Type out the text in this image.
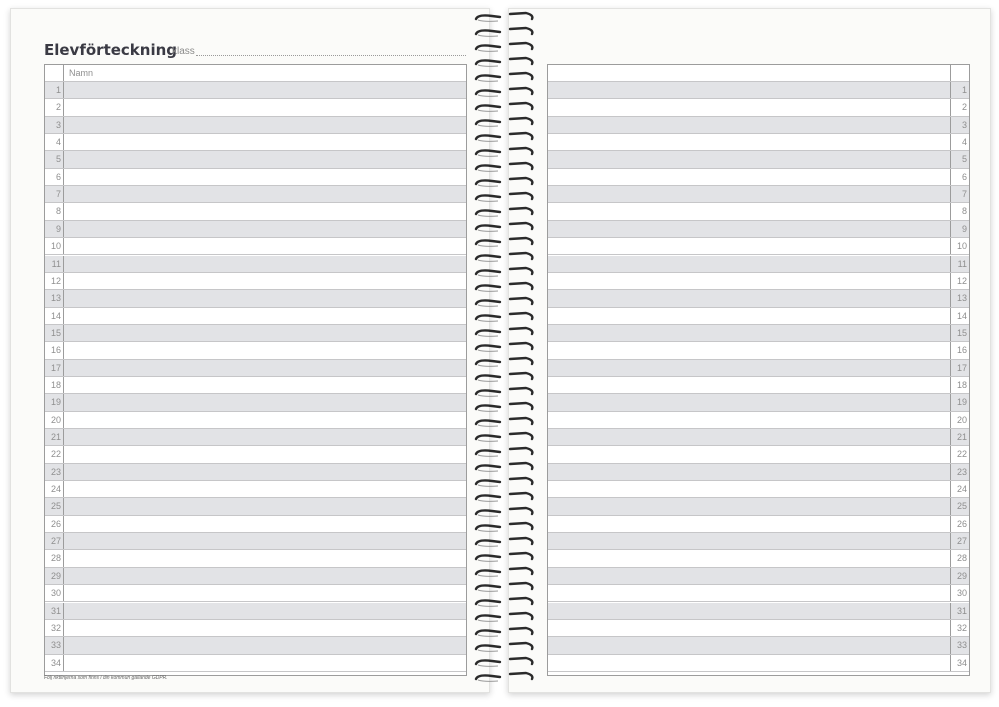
Elevförteckning
klass
Namn
1
2
3
4
5
6
7
8
9
10
11
12
13
14
15
16
17
18
19
20
21
22
23
24
25
26
27
28
29
30
31
32
33
34
Följ riktlinjerna som finns i din kommun gällande GDPR.
1
2
3
4
5
6
7
8
9
10
11
12
13
14
15
16
17
18
19
20
21
22
23
24
25
26
27
28
29
30
31
32
33
34
